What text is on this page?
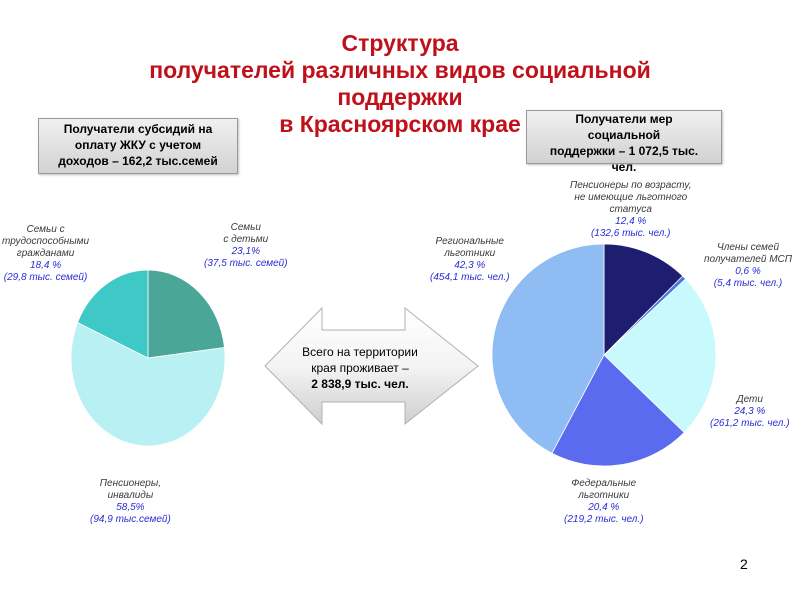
Структура
получателей различных видов социальной
поддержки
в Красноярском крае
Получатели субсидий на
оплату ЖКУ с учетом
доходов – 162,2 тыс.семей
Получатели мер
социальной
поддержки – 1 072,5 тыс.
чел.
Всего на территории
края проживает –
2 838,9 тыс. чел.
Семьи
с детьми
23,1%
(37,5 тыс. семей)
Пенсионеры,
инвалиды
58,5%
(94,9 тыс.семей)
Семьи с
трудоспособными
гражданами
18,4 %
(29,8 тыс. семей)
Пенсионеры по возрасту,
не имеющие льготного
статуса
12,4 %
(132,6 тыс. чел.)
Члены семей
получателей МСП
0,6 %
(5,4 тыс. чел.)
Дети
24,3 %
(261,2 тыс. чел.)
Федеральные
льготники
20,4 %
(219,2 тыс. чел.)
Региональные
льготники
42,3 %
(454,1 тыс. чел.)
2
